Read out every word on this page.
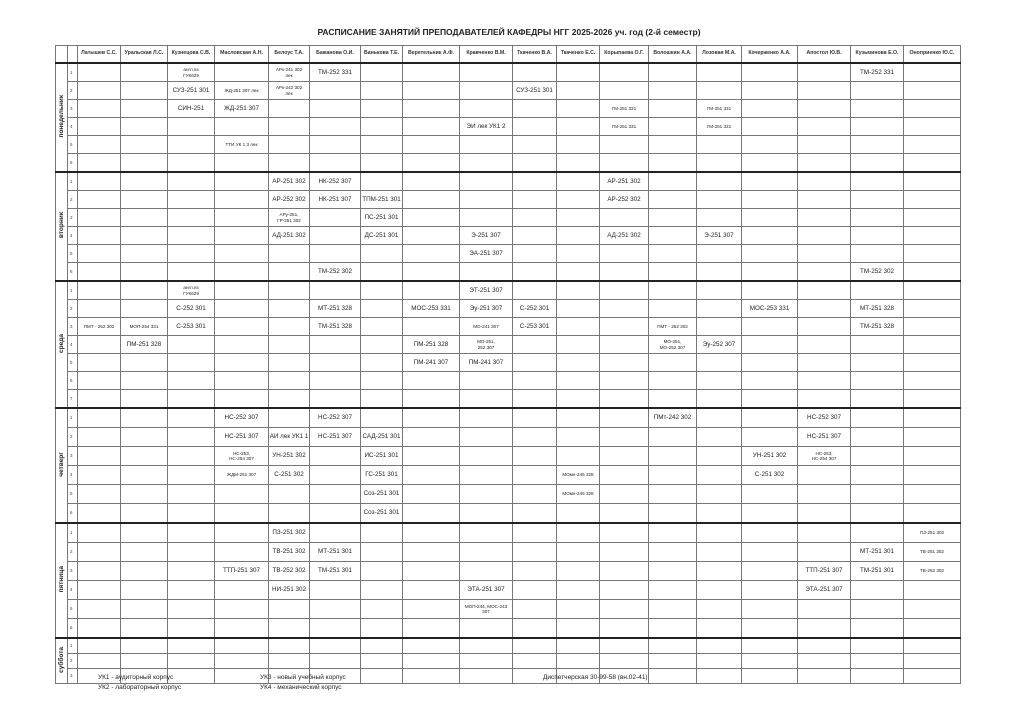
РАСПИСАНИЕ ЗАНЯТИЙ ПРЕПОДАВАТЕЛЕЙ КАФЕДРЫ НГГ 2025-2026 уч. год (2-й семестр)
		Латышев С.С.	Уральская Л.С.	Кузнецова С.В.	Масловская А.Н.	Белоус Т.А.	Бажанова О.И.	Ванькова Т.Е.	Веретельник А.Ф.	Кравченко В.М.	Ткаченко В.А.	Ткаченко Е.С.	Корыпаева О.Г.	Волошкин А.А.	Лозовая М.А.	Кочерженко А.А.	Апостол Ю.В.	Кузьминова Е.О.	Оноприенко Ю.С.
понедельник	1			англ.яз
ГУК629		АРк-241 302
лек	ТМ-252 331											ТМ-252 331	
	2			СУЗ-251 301	ЖД-251 307 лек	АРк-242 302
лек					СУЗ-251 301								
	3			СИН-251	ЖД-251 307								ГМ-251 331		ГМ-251 331				
	4									ЭИ лек УК1 2			ГМ-251 331		ГМ-251 331				
	5				ТТИ УК 1 3 лек														
	6																		
вторник	1					АР-251 302	НК-252 307						АР-251 302						
	2					АР-252 302	НК-251 307	ТПМ-251 301					АР-252 302						
	3					АРу-251,
ГР-251 302		ПС-251 301											
	4					АД-251 302		ДС-251 301		Э-251 307			АД-251 302		Э-251 307				
	5									ЭА-251 307									
	6						ТМ-252 302											ТМ-252 302	
среда	1			англ.яз
ГУК629						ЭТ-251 307									
	2			С-252 301			МТ-251 328		МОС-253 331	Эу-251 307	С-252 301					МОС-253 331		МТ-251 328	
	3	ПМТ - 252 302	МОП-254 331	С-253 301			ТМ-251 328			МО-241 307	С-253 301			ПМТ - 252 302				ТМ-251 328	
	4		ПМ-251 328						ПМ-251 328	МО-251,
252 307				МО-251,
МО-252 307	Эу-252 307				
	5								ПМ-241 307	ПМ-241 307									
	6																		
	7																		
четверг	1				НС-252 307		НС-252 307							ПМт-242 302			НС-252 307		
	2				НС-251 307	АИ лек УК1 1	НС-251 307	САД-251 301									НС-251 307		
	3				НС-253,
НС-254 307	УН-251 302		ИС-251 301								УН-251 302	НС-253,
НС-254 307		
	4				ЖДМ-251 307	С-251 302		ГС-251 301				МОмн-245 328				С-251 302			
	5							Соз-251 301				МОмн-245 328							
	6							Соз-251 301											
пятница	1					ПЗ-251 302													ПЗ-251 302
	2					ТВ-251 302	МТ-251 301											МТ-251 301	ТВ-251 302
	3				ТТП-251 307	ТВ-252 302	ТМ-251 301										ТТП-251 307	ТМ-251 301	ТВ-252 302
	4					НИ-251 302				ЭТА-251 307							ЭТА-251 307		
	5									МОП-244, МОС-243
307									
	6																		
суббота	1																		
	2																		
	3																			УК1 - аудиторный корпус
УК2 - лабораторный корпус
УК3 - новый учебный корпус
УК4 - механический корпус
Диспетчерская 30-99-58 (вн.02-41)
